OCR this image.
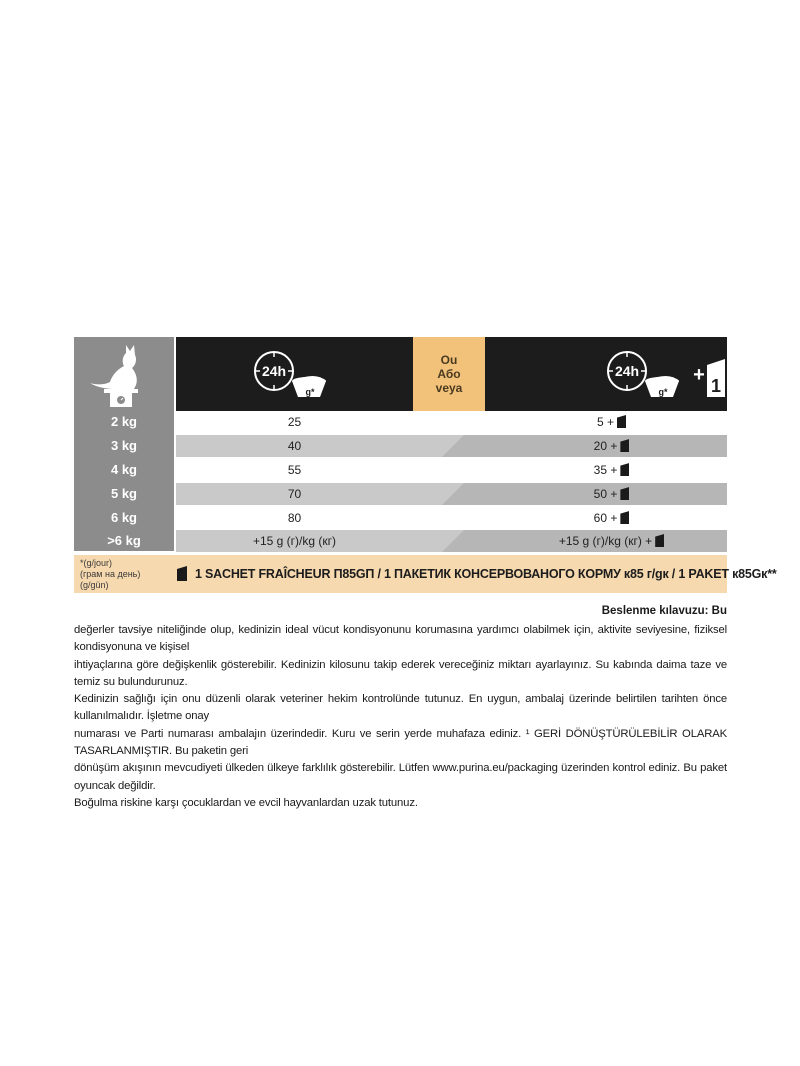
24h
g*
Ou
Або
veya
24h
g*
+ 1
2 kg	25	5 +
3 kg	40	20 +
4 kg	55	35 +
5 kg	70	50 +
6 kg	80	60 +
>6 kg	+15 g (г)/kg (кг)	+15 g (г)/kg (кг) +
*(g/jour)
(грам на день)
(g/gün)
1 SACHET FRAÎCHEUR П85GП / 1 ПАКЕТИК КОНСЕРВОВАНОГО КОРМУ к85 г/gк / 1 PAKET к85Gк**
Beslenme kılavuzu: Bu

değerler tavsiye niteliğinde olup, kedinizin ideal vücut kondisyonunu korumasına yardımcı olabilmek için, aktivite seviyesine, fiziksel kondisyonuna ve kişisel

ihtiyaçlarına göre değişkenlik gösterebilir. Kedinizin kilosunu takip ederek vereceğiniz miktarı ayarlayınız. Su kabında daima taze ve temiz su bulundurunuz.

Kedinizin sağlığı için onu düzenli olarak veteriner hekim kontrolünde tutunuz. En uygun, ambalaj üzerinde belirtilen tarihten önce kullanılmalıdır. İşletme onay

numarası ve Parti numarası ambalajın üzerindedir. Kuru ve serin yerde muhafaza ediniz. ¹ GERİ DÖNÜŞTÜRÜLEBİLİR OLARAK TASARLANMIŞTIR. Bu paketin geri

dönüşüm akışının mevcudiyeti ülkeden ülkeye farklılık gösterebilir. Lütfen www.purina.eu/packaging üzerinden kontrol ediniz. Bu paket oyuncak değildir.

Boğulma riskine karşı çocuklardan ve evcil hayvanlardan uzak tutunuz.
